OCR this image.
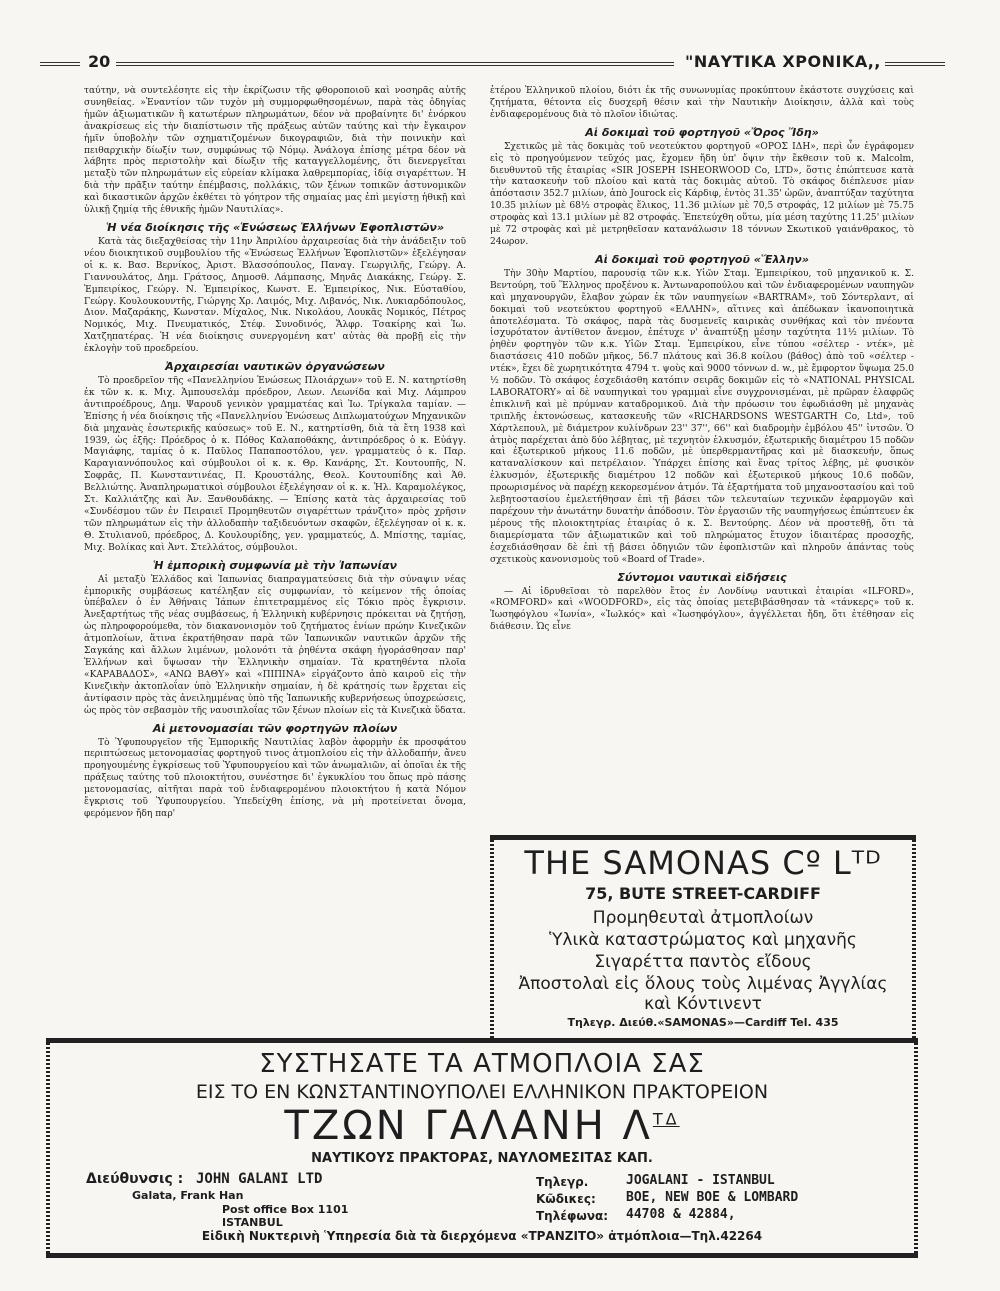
20	"ΝΑΥΤΙΚΑ ΧΡΟΝΙΚΑ,,

ταύτην, νὰ συντελέσητε εἰς τὴν ἐκρίζωσιν τῆς φθοροποιοῦ καὶ νοσηρᾶς αὐτῆς συνηθείας. »Ἐναντίον τῶν τυχὸν μὴ συμμορφωθησομένων, παρὰ τὰς ὁδηγίας ἡμῶν ἀξιωματικῶν ἢ κατωτέρων πληρωμάτων, δέον νὰ προβαίνητε δι' ἐνόρκου ἀνακρίσεως εἰς τὴν διαπίστωσιν τῆς πράξεως αὐτῶν ταύτης καὶ τὴν ἔγκαιρον ἡμῖν ὑποβολὴν τῶν σχηματιζομένων δικογραφιῶν, διὰ τὴν ποινικὴν καὶ πειθαρχικὴν δίωξίν των, συμφώνως τῷ Νόμῳ. Ἀνάλογα ἐπίσης μέτρα δέον νὰ λάβητε πρὸς περιστολὴν καὶ δίωξιν τῆς καταγγελλομένης, ὅτι διενεργεῖται μεταξὺ τῶν πληρωμάτων εἰς εὐρείαν κλίμακα λαθρεμπορίας, ἰδίᾳ σιγαρέττων. Ἡ διὰ τὴν πρᾶξιν ταύτην ἐπέμβασις, πολλάκις, τῶν ξένων τοπικῶν ἀστυνομικῶν καὶ δικαστικῶν ἀρχῶν ἐκθέτει τὸ γόητρον τῆς σημαίας μας ἐπὶ μεγίστῃ ἠθικῇ καὶ ὑλικῇ ζημίᾳ τῆς ἐθνικῆς ἡμῶν Ναυτιλίας».

Ἡ νέα διοίκησις τῆς «Ἑνώσεως Ἑλλήνων Ἐφοπλιστῶν»

Κατὰ τὰς διεξαχθείσας τὴν 11ην Ἀπριλίου ἀρχαιρεσίας διὰ τὴν ἀνάδειξιν τοῦ νέου διοικητικοῦ συμβουλίου τῆς «Ἑνώσεως Ἑλλήνων Ἐφοπλιστῶν» ἐξελέγησαν οἱ κ. κ. Βασ. Βερνίκος, Ἀριστ. Βλασσόπουλος, Παναγ. Γεωργιλῆς, Γεώργ. Α. Γιαννουλάτος, Δημ. Γράτσος, Δημοσθ. Λάμπασης, Μηνᾶς Διακάκης, Γεώργ. Σ. Ἐμπειρίκος, Γεώργ. Ν. Ἐμπειρίκος, Κωνστ. Ε. Ἐμπειρίκος, Νικ. Εὐσταθίου, Γεώργ. Κουλουκουντῆς, Γιώργης Χρ. Λαιμός, Μιχ. Λιβανός, Νικ. Λυκιαρδόπουλος, Διον. Μαζαράκης, Κωνσταν. Μίχαλος, Νικ. Νικολάου, Λουκᾶς Νομικός, Πέτρος Νομικός, Μιχ. Πνευματικός, Στέφ. Συνοδινός, Ἄλφρ. Τσακίρης καὶ Ἰω. Χατζηπατέρας. Ἡ νέα διοίκησις συνεργομένη κατ' αὐτὰς θὰ προβῇ εἰς τὴν ἐκλογὴν τοῦ προεδρείου.

Ἀρχαιρεσίαι ναυτικῶν ὀργανώσεων

Τὸ προεδρεῖον τῆς «Πανελληνίου Ἑνώσεως Πλοιάρχων» τοῦ Ε. Ν. κατηρτίσθη ἐκ τῶν κ. κ. Μιχ. Ἀμπουσελάμ πρόεδρον, Λεων. Λεωνίδα καὶ Μιχ. Λάμπρου ἀντιπροέδρους, Δημ. Ψαρουδ γενικὸν γραμματέας καὶ Ἰω. Τρίγκαλα ταμίαν. — Ἐπίσης ἡ νέα διοίκησις τῆς «Πανελληνίου Ἑνώσεως Διπλωματούχων Μηχανικῶν διὰ μηχανὰς ἐσωτερικῆς καύσεως» τοῦ Ε. Ν., κατηρτίσθη, διὰ τὰ ἔτη 1938 καὶ 1939, ὡς ἑξῆς: Πρόεδρος ὁ κ. Πόθος Καλαποθάκης, ἀντιπρόεδρος ὁ κ. Εὐάγγ. Μαγιάφης, ταμίας ὁ κ. Παῦλος Παπαποστόλου, γεν. γραμματεὺς ὁ κ. Παρ. Καραγιαννόπουλος καὶ σύμβουλοι οἱ κ. κ. Θρ. Κανάρης, Στ. Κουτουπῆς, Ν. Σοφρᾶς, Π. Κωνσταντινέας, Π. Κρουστάλης, Θεολ. Κουτουπίδης καὶ Ἀθ. Βελλιώτης. Ἀναπληρωματικοὶ σύμβουλοι ἐξελέγησαν οἱ κ. κ. Ἠλ. Καραμολέγκος, Στ. Καλλιάτζης καὶ Ἀν. Ξανθουδάκης. — Ἐπίσης κατὰ τὰς ἀρχαιρεσίας τοῦ «Συνδέσμου τῶν ἐν Πειραιεῖ Προμηθευτῶν σιγαρέττων τράνζιτο» πρὸς χρῆσιν τῶν πληρωμάτων εἰς τὴν ἀλλοδαπὴν ταξιδευόντων σκαφῶν, ἐξελέγησαν οἱ κ. κ. Θ. Στυλιανοῦ, πρόεδρος, Δ. Κουλουρίδης, γεν. γραμματεύς, Δ. Μπίστης, ταμίας, Μιχ. Βολίκας καὶ Ἀντ. Στελλάτος, σύμβουλοι.

Ἡ ἐμπορικὴ συμφωνία μὲ τὴν Ἰαπωνίαν

Αἱ μεταξὺ Ἑλλάδος καὶ Ἰαπωνίας διαπραγματεύσεις διὰ τὴν σύναψιν νέας ἐμπορικῆς συμβάσεως κατέληξαν εἰς συμφωνίαν, τὸ κείμενον τῆς ὁποίας ὑπέβαλεν ὁ ἐν Ἀθήναις Ἰάπων ἐπιτετραμμένος εἰς Τόκιο πρὸς ἔγκρισιν. Ἀνεξαρτήτως τῆς νέας συμβάσεως, ἡ Ἑλληνικὴ κυβέρνησις πρόκειται νὰ ζητήσῃ, ὡς πληροφορούμεθα, τὸν διακανονισμὸν τοῦ ζητήματος ἐνίων πρώην Κινεζικῶν ἀτμοπλοίων, ἅτινα ἐκρατήθησαν παρὰ τῶν Ἰαπωνικῶν ναυτικῶν ἀρχῶν τῆς Σαγκάης καὶ ἄλλων λιμένων, μολονότι τὰ ῥηθέντα σκάφη ἠγοράσθησαν παρ' Ἑλλήνων καὶ ὕψωσαν τὴν Ἑλληνικὴν σημαίαν. Τὰ κρατηθέντα πλοῖα «ΚΑΡΑΒΑΔΟΣ», «ΑΝΩ ΒΑΘΥ» καὶ «ΠΙΠΙΝΑ» εἰργάζοντο ἀπὸ καιροῦ εἰς τὴν Κινεζικὴν ἀκτοπλοΐαν ὑπὸ Ἑλληνικὴν σημαίαν, ἡ δὲ κράτησίς των ἔρχεται εἰς ἀντίφασιν πρὸς τὰς ἀνειλημμένας ὑπὸ τῆς Ἰαπωνικῆς κυβερνήσεως ὑποχρεώσεις, ὡς πρὸς τὸν σεβασμὸν τῆς ναυσιπλοΐας τῶν ξένων πλοίων εἰς τὰ Κινεζικὰ ὕδατα.

Αἱ μετονομασίαι τῶν φορτηγῶν πλοίων

Τὸ Ὑφυπουργεῖον τῆς Ἐμπορικῆς Ναυτιλίας λαβὸν ἀφορμὴν ἐκ προσφάτου περιπτώσεως μετονομασίας φορτηγοῦ τινος ἀτμοπλοίου εἰς τὴν ἀλλοδαπήν, ἄνευ προηγουμένης ἐγκρίσεως τοῦ Ὑφυπουργείου καὶ τῶν ἀνωμαλιῶν, αἱ ὁποῖαι ἐκ τῆς πράξεως ταύτης τοῦ πλοιοκτήτου, συνέστησε δι' ἐγκυκλίου του ὅπως πρὸ πάσης μετονομασίας, αἰτῆται παρὰ τοῦ ἐνδιαφερομένου πλοιοκτήτου ἡ κατὰ Νόμον ἔγκρισις τοῦ Ὑφυπουργείου. Ὑπεδείχθη ἐπίσης, νὰ μὴ προτείνεται ὄνομα, φερόμενον ἤδη παρ'

ἑτέρου Ἑλληνικοῦ πλοίου, διότι ἐκ τῆς συνωνυμίας προκύπτουν ἑκάστοτε συγχύσεις καὶ ζητήματα, θέτοντα εἰς δυσχερῆ θέσιν καὶ τὴν Ναυτικὴν Διοίκησιν, ἀλλὰ καὶ τοὺς ἐνδιαφερομένους διὰ τὸ πλοῖον ἰδιώτας.

Αἱ δοκιμαὶ τοῦ φορτηγοῦ «Ὄρος Ἴδη»

Σχετικῶς μὲ τὰς δοκιμὰς τοῦ νεοτεύκτου φορτηγοῦ «ΟΡΟΣ ΙΔΗ», περὶ ὧν ἐγράφομεν εἰς τὸ προηγούμενον τεῦχός μας, ἔχομεν ἤδη ὑπ' ὄψιν τὴν ἔκθεσιν τοῦ κ. Malcolm, διευθυντοῦ τῆς ἑταιρίας «SIR JOSEPH ISHEORWOOD Co, LTD», ὅστις ἐπώπτευσε κατὰ τὴν κατασκευὴν τοῦ πλοίου καὶ κατὰ τὰς δοκιμὰς αὐτοῦ. Τὸ σκάφος διέπλευσε μίαν ἀπόστασιν 352.7 μιλίων, ἀπὸ Jourock εἰς Κάρδιφ, ἐντὸς 31.35' ὡρῶν, ἀναπτύξαν ταχύτητα 10.35 μιλίων μὲ 68½ στροφὰς ἕλικος, 11.36 μιλίων μὲ 70,5 στροφάς, 12 μιλίων μὲ 75.75 στροφὰς καὶ 13.1 μιλίων μὲ 82 στροφάς. Ἐπετεύχθη οὕτω, μία μέση ταχύτης 11.25' μιλίων μὲ 72 στροφὰς καὶ μὲ μετρηθεῖσαν κατανάλωσιν 18 τόννων Σκωτικοῦ γαιάνθρακος, τὸ 24ωρον.

Αἱ δοκιμαὶ τοῦ φορτηγοῦ «Ἕλλην»

Τὴν 30ὴν Μαρτίου, παρουσίᾳ τῶν κ.κ. Υἱῶν Σταμ. Ἐμπειρίκου, τοῦ μηχανικοῦ κ. Σ. Βεντούρη, τοῦ Ἕλληνος προξένου κ. Ἀντωναροπούλου καὶ τῶν ἐνδιαφερομένων ναυπηγῶν καὶ μηχανουργῶν, ἔλαβον χώραν ἐκ τῶν ναυπηγείων «BARTRAM», τοῦ Σόντερλαντ, αἱ δοκιμαὶ τοῦ νεοτεύκτου φορτηγοῦ «ΕΛΛΗΝ», αἵτινες καὶ ἀπέδωκαν ἱκανοποιητικὰ ἀποτελέσματα. Τὸ σκάφος, παρὰ τὰς δυσμενεῖς καιρικὰς συνθήκας καὶ τὸν πνέοντα ἰσχυρότατον ἀντίθετον ἄνεμον, ἐπέτυχε ν' ἀναπτύξῃ μέσην ταχύτητα 11½ μιλίων. Τὸ ῥηθὲν φορτηγὸν τῶν κ.κ. Υἱῶν Σταμ. Ἐμπειρίκου, εἶνε τύπου «σέλτερ - ντέκ», μὲ διαστάσεις 410 ποδῶν μῆκος, 56.7 πλάτους καὶ 36.8 κοίλου (βάθος) ἀπὸ τοῦ «σέλτερ - ντέκ», ἔχει δὲ χωρητικότητα 4794 τ. ψοὺς καὶ 9000 τόννων d. w., μὲ ἔμφορτον ὕψωμα 25.0 ½ ποδῶν. Τὸ σκάφος ἐσχεδιάσθη κατόπιν σειρᾶς δοκιμῶν εἰς τὸ «NATIONAL PHYSICAL LABORATORY» αἱ δὲ ναυπηγικαὶ του γραμμαὶ εἶνε συγχρονισμέναι, μὲ πρῶραν ἐλαφρῶς ἐπικλινῆ καὶ μὲ πρύμναν καταδρομικοῦ. Διὰ τὴν πρόωσιν του ἐφωδιάσθη μὲ μηχανὰς τριπλῆς ἐκτονώσεως, κατασκευῆς τῶν «RICHARDSONS WESTGARTH Co, Ltd», τοῦ Χάρτλεπουλ, μὲ διάμετρον κυλίνδρων 23'' 37'', 66'' καὶ διαδρομὴν ἐμβόλου 45'' ἰντσῶν. Ὁ ἀτμὸς παρέχεται ἀπὸ δύο λέβητας, μὲ τεχνητὸν ἑλκυσμόν, ἐξωτερικῆς διαμέτρου 15 ποδῶν καὶ ἐξωτερικοῦ μήκους 11.6 ποδῶν, μὲ ὑπερθερμαντῆρας καὶ μὲ διασκευήν, ὅπως καταναλίσκουν καὶ πετρέλαιον. Ὑπάρχει ἐπίσης καὶ ἕνας τρίτος λέβης, μὲ φυσικὸν ἑλκυσμόν, ἐξωτερικῆς διαμέτρου 12 ποδῶν καὶ ἐξωτερικοῦ μήκους 10.6 ποδῶν, προωρισμένος νὰ παρέχῃ κεκορεσμένον ἀτμόν. Τὰ ἐξαρτήματα τοῦ μηχανοστασίου καὶ τοῦ λεβητοστασίου ἐμελετήθησαν ἐπὶ τῇ βάσει τῶν τελευταίων τεχνικῶν ἐφαρμογῶν καὶ παρέχουν τὴν ἀνωτάτην δυνατὴν ἀπόδοσιν. Τὸν ἐργασιῶν τῆς ναυπηγήσεως ἐπώπτευεν ἐκ μέρους τῆς πλοιοκτητρίας ἑταιρίας ὁ κ. Σ. Βεντούρης. Δέον νὰ προστεθῇ, ὅτι τὰ διαμερίσματα τῶν ἀξιωματικῶν καὶ τοῦ πληρώματος ἔτυχον ἰδιαιτέρας προσοχῆς, ἐσχεδιάσθησαν δὲ ἐπὶ τῇ βάσει ὁδηγιῶν τῶν ἐφοπλιστῶν καὶ πληροῦν ἁπάντας τοὺς σχετικοὺς κανονισμοὺς τοῦ «Board of Trade».

Σύντομοι ναυτικαὶ εἰδήσεις

— Αἱ ἱδρυθεῖσαι τὸ παρελθὸν ἔτος ἐν Λονδίνῳ ναυτικαὶ ἑταιρίαι «ILFORD», «ROMFORD» καὶ «WOODFORD», εἰς τὰς ὁποίας μετεβιβάσθησαν τὰ «τάνκερς» τοῦ κ. Ἰωσηφόγλου «Ἰωνία», «Ἰωλκός» καὶ «Ἰωσηφόγλου», ἀγγέλλεται ἤδη, ὅτι ἐτέθησαν εἰς διάθεσιν. Ὡς εἶνε

THE SAMONAS Cº Lᵀᴰ
75, BUTE STREET-CARDIFF
Προμηθευταὶ ἀτμοπλοίων
Ὑλικὰ καταστρώματος καὶ μηχανῆς
Σιγαρέττα παντὸς εἴδους
Ἀποστολαὶ εἰς ὅλους τοὺς λιμένας Ἀγγλίας
καὶ Κόντινεντ
Τηλεγρ. Διεύθ.«SAMONAS»—Cardiff Tel. 435
ΣΥΣΤΗΣΑΤΕ ΤΑ ΑΤΜΟΠΛΟΙΑ ΣΑΣ
ΕΙΣ ΤΟ ΕΝ ΚΩΝΣΤΑΝΤΙΝΟΥΠΟΛΕΙ ΕΛΛΗΝΙΚΟΝ ΠΡΑΚΤΟΡΕΙΟΝ
ΤΖΩΝ ΓΑΛΑΝΗ $\Lambda^{T\Delta}$
ΝΑΥΤΙΚΟΥΣ ΠΡΑΚΤΟΡΑΣ, ΝΑΥΛΟΜΕΣΙΤΑΣ ΚΑΠ.
Διεύθυνσις : JOHN GALANI LTD
Galata, Frank Han
Post office Box 1101
ISTANBUL
Τηλεγρ.	JOGALANI - ISTANBUL
Κῶδικες: BOE, NEW BOE & LOMBARD
Τηλέφωνα: 44708 & 42884,
Εἰδικὴ Νυκτερινὴ Ὑπηρεσία διὰ τὰ διερχόμενα «ΤΡΑΝΖΙΤΟ» ἀτμόπλοια—Τηλ.42264
